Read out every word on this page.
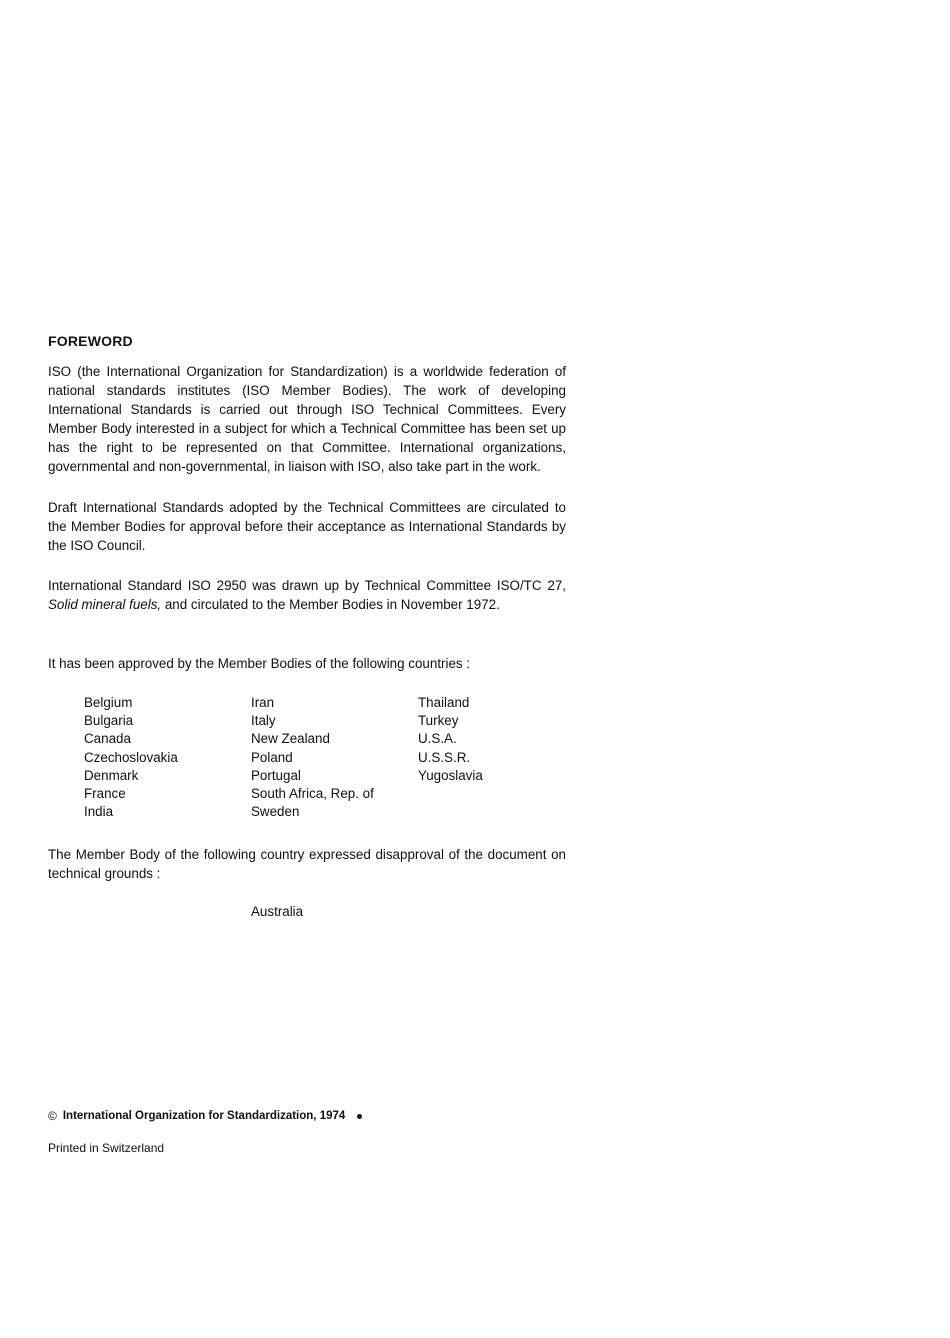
FOREWORD
ISO (the International Organization for Standardization) is a worldwide federation of national standards institutes (ISO Member Bodies). The work of developing International Standards is carried out through ISO Technical Committees. Every Member Body interested in a subject for which a Technical Committee has been set up has the right to be represented on that Committee. International organizations, governmental and non-governmental, in liaison with ISO, also take part in the work.
Draft International Standards adopted by the Technical Committees are circulated to the Member Bodies for approval before their acceptance as International Standards by the ISO Council.
International Standard ISO 2950 was drawn up by Technical Committee ISO/TC 27, Solid mineral fuels, and circulated to the Member Bodies in November 1972.
It has been approved by the Member Bodies of the following countries :
Belgium
Bulgaria
Canada
Czechoslovakia
Denmark
France
India
Iran
Italy
New Zealand
Poland
Portugal
South Africa, Rep. of
Sweden
Thailand
Turkey
U.S.A.
U.S.S.R.
Yugoslavia
The Member Body of the following country expressed disapproval of the document on technical grounds :
Australia
© International Organization for Standardization, 1974
Printed in Switzerland
